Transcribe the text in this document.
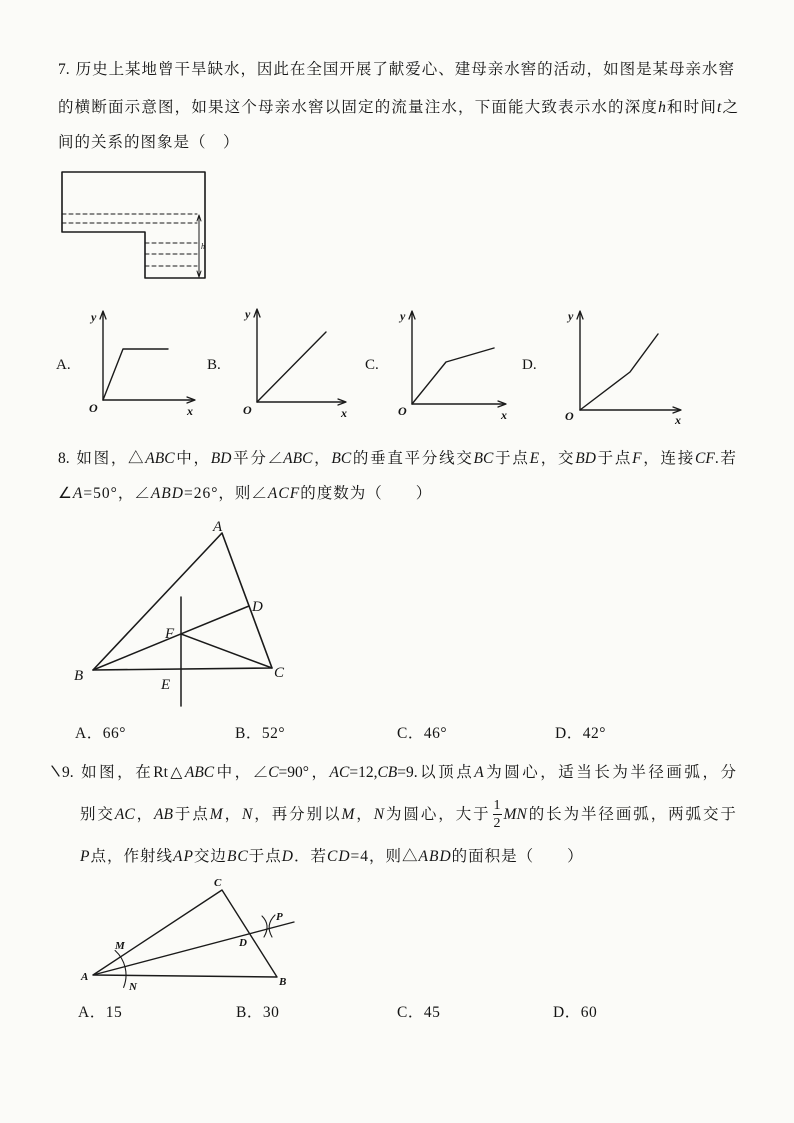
7. 历史上某地曾干旱缺水，因此在全国开展了献爱心、建母亲水窖的活动，如图是某母亲水窖
的横断面示意图，如果这个母亲水窖以固定的流量注水，下面能大致表示水的深度h和时间t之
间的关系的图象是（　）
h
A.
y
O	x
B.
y
O	x
C.
y
O	x
D.
y
O	x
8. 如图，△ABC中，BD平分∠ABC，BC的垂直平分线交BC于点E，交BD于点F，连接CF.若
∠A=50°，∠ABD=26°，则∠ACF的度数为（　　）
A
D
F
B	C
E
A．66°	B．52°	C．46°	D．42°
9. 如图，在Rt△ABC中，∠C=90°，AC=12,CB=9.以顶点A为圆心，适当长为半径画弧，分
别交AC，AB于点M，N，再分别以M，N为圆心，大于 $\frac{1}{2}$ MN的长为半径画弧，两弧交于
P点，作射线AP交边BC于点D．若CD=4，则△ABD的面积是（　　）
C
D
P
M
A
N	B
A．15	B．30	C．45	D．60
